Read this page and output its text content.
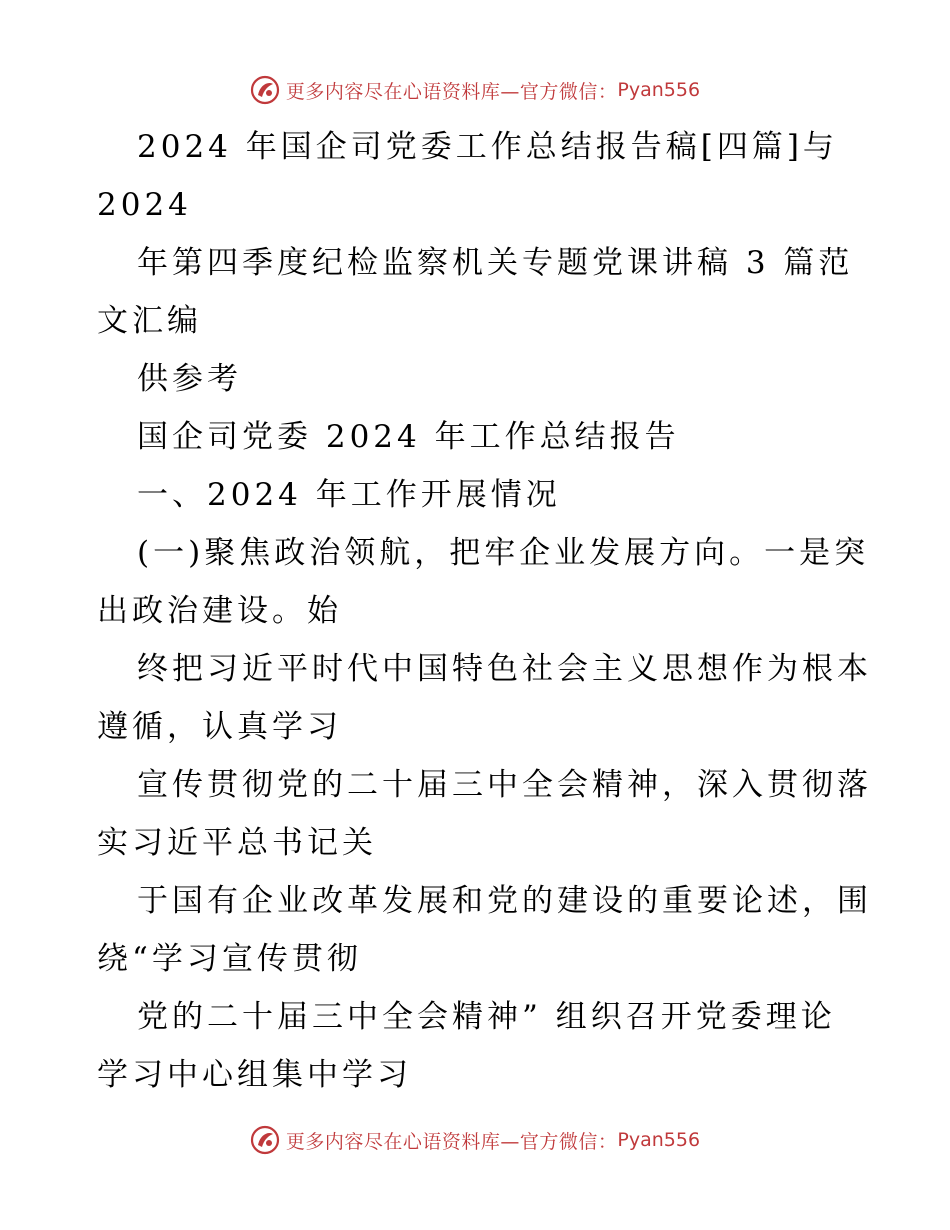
更多内容尽在心语资料库—官方微信： Pyan556
2024 年国企司党委工作总结报告稿[四篇]与
2024
年第四季度纪检监察机关专题党课讲稿 3 篇范
文汇编
供参考
国企司党委 2024 年工作总结报告
一、2024 年工作开展情况
(一)聚焦政治领航，把牢企业发展方向。一是突
出政治建设。始
终把习近平时代中国特色社会主义思想作为根本
遵循，认真学习
宣传贯彻党的二十届三中全会精神，深入贯彻落
实习近平总书记关
于国有企业改革发展和党的建设的重要论述，围
绕“学习宣传贯彻
党的二十届三中全会精神” 组织召开党委理论
学习中心组集中学习
更多内容尽在心语资料库—官方微信： Pyan556
